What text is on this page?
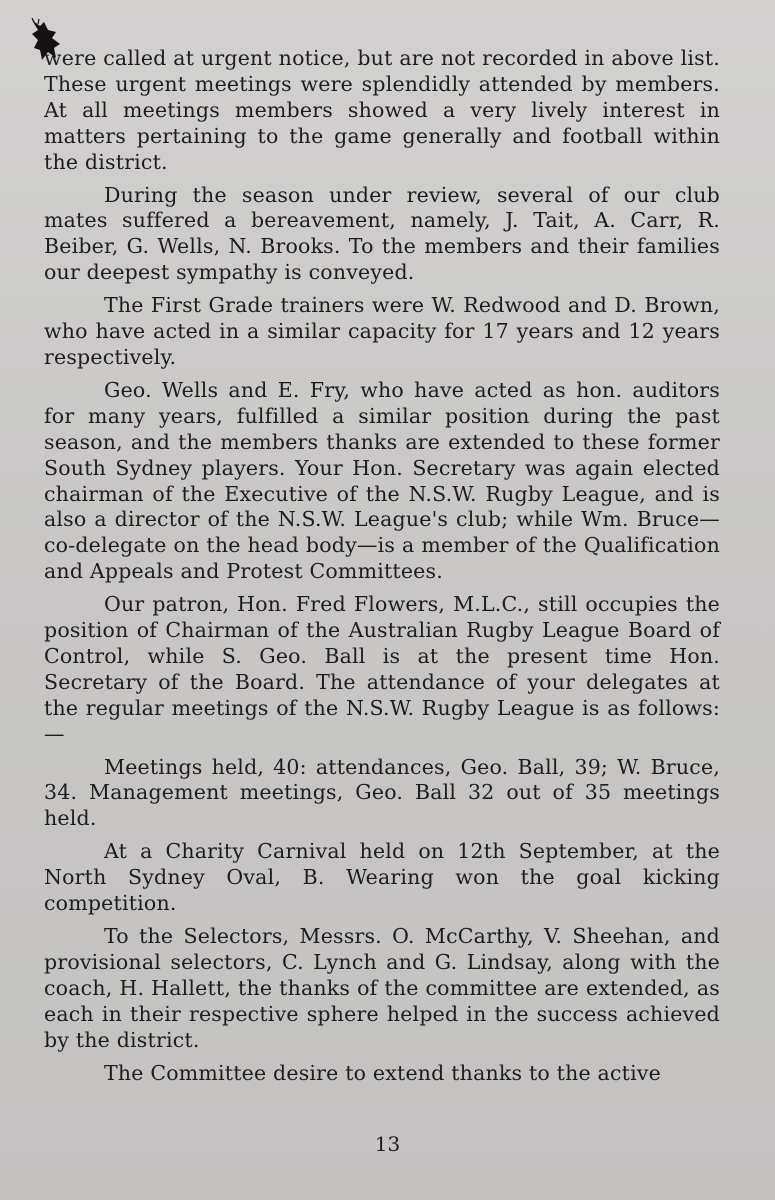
were called at urgent notice, but are not recorded in above list. These urgent meetings were splendidly attended by members. At all meetings members showed a very lively interest in matters pertaining to the game generally and football within the district.

During the season under review, several of our club mates suffered a bereavement, namely, J. Tait, A. Carr, R. Beiber, G. Wells, N. Brooks. To the members and their families our deepest sympathy is conveyed.

The First Grade trainers were W. Redwood and D. Brown, who have acted in a similar capacity for 17 years and 12 years respectively.

Geo. Wells and E. Fry, who have acted as hon. auditors for many years, fulfilled a similar position during the past season, and the members thanks are extended to these former South Sydney players. Your Hon. Secretary was again elected chairman of the Executive of the N.S.W. Rugby League, and is also a director of the N.S.W. League's club; while Wm. Bruce—co-delegate on the head body—is a member of the Qualification and Appeals and Protest Committees.

Our patron, Hon. Fred Flowers, M.L.C., still occupies the position of Chairman of the Australian Rugby League Board of Control, while S. Geo. Ball is at the present time Hon. Secretary of the Board. The attendance of your delegates at the regular meetings of the N.S.W. Rugby League is as follows:—

Meetings held, 40: attendances, Geo. Ball, 39; W. Bruce, 34. Management meetings, Geo. Ball 32 out of 35 meetings held.

At a Charity Carnival held on 12th September, at the North Sydney Oval, B. Wearing won the goal kicking competition.

To the Selectors, Messrs. O. McCarthy, V. Sheehan, and provisional selectors, C. Lynch and G. Lindsay, along with the coach, H. Hallett, the thanks of the committee are extended, as each in their respective sphere helped in the success achieved by the district.

The Committee desire to extend thanks to the active

13
